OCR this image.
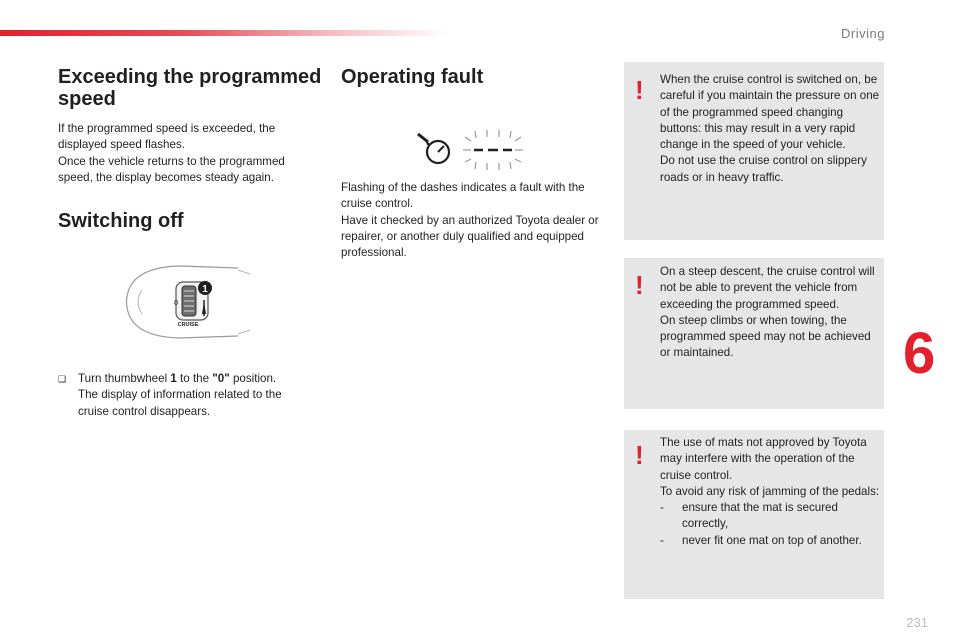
Driving
Exceeding the programmed speed

If the programmed speed is exceeded, the displayed speed flashes.
Once the vehicle returns to the programmed speed, the display becomes steady again.

Switching off
1
0
CRUISE

❑ Turn thumbwheel 1 to the "0" position.
The display of information related to the cruise control disappears.

Operating fault

Flashing of the dashes indicates a fault with the cruise control.
Have it checked by an authorized Toyota dealer or repairer, or another duly qualified and equipped professional.

! When the cruise control is switched on, be careful if you maintain the pressure on one of the programmed speed changing buttons: this may result in a very rapid change in the speed of your vehicle.
Do not use the cruise control on slippery roads or in heavy traffic.

! On a steep descent, the cruise control will not be able to prevent the vehicle from exceeding the programmed speed.
On steep climbs or when towing, the programmed speed may not be achieved or maintained.

! The use of mats not approved by Toyota may interfere with the operation of the cruise control.
To avoid any risk of jamming of the pedals:
- ensure that the mat is secured correctly,
- never fit one mat on top of another.
6
231
